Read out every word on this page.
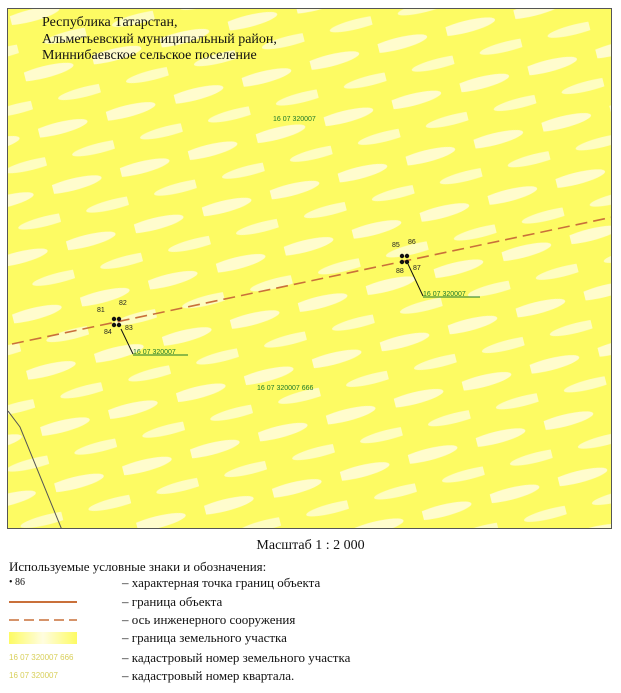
Республика Татарстан,
Альметьевский муниципальный район,
Миннибаевское сельское поселение
16 07 320007
16 07 320007 666
16 07 320007
16 07 320007
81
82
83
84
85 86
87
88
Масштаб 1 : 2 000
Используемые условные знаки и обозначения:
• 86	– характерная точка границ объекта
– граница объекта
– ось инженерного сооружения
– граница земельного участка
16 07 320007 666	– кадастровый номер земельного участка
16 07 320007	– кадастровый номер квартала.
